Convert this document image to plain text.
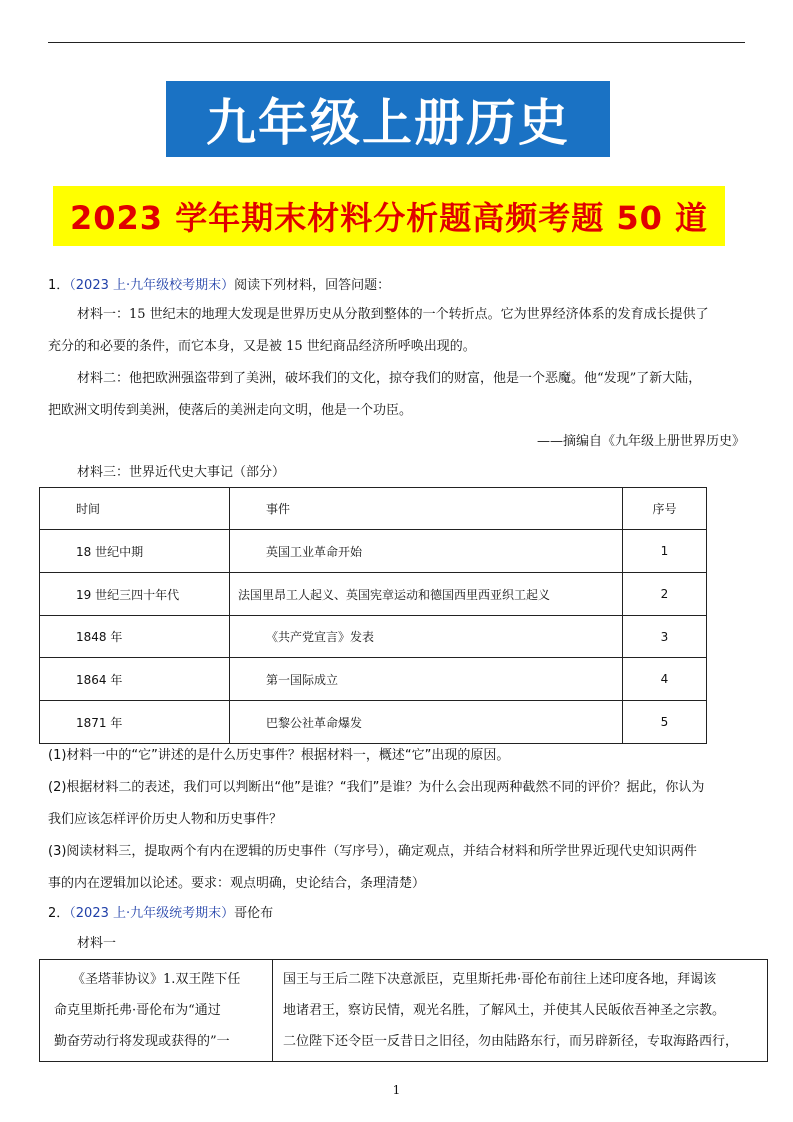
九年级上册历史
2023 学年期末材料分析题高频考题 50 道
1．（2023 上·九年级校考期末）阅读下列材料，回答问题：
材料一：15 世纪末的地理大发现是世界历史从分散到整体的一个转折点。它为世界经济体系的发育成长提供了
充分的和必要的条件，而它本身，又是被 15 世纪商品经济所呼唤出现的。
材料二：他把欧洲强盗带到了美洲，破坏我们的文化，掠夺我们的财富，他是一个恶魔。他“发现”了新大陆，
把欧洲文明传到美洲，使落后的美洲走向文明，他是一个功臣。
——摘编自《九年级上册世界历史》
材料三：世界近代史大事记（部分）
时间	事件	序号
18 世纪中期	英国工业革命开始	1
19 世纪三四十年代	法国里昂工人起义、英国宪章运动和德国西里西亚织工起义	2
1848 年	《共产党宣言》发表	3
1864 年	第一国际成立	4
1871 年	巴黎公社革命爆发	5
(1)材料一中的“它”讲述的是什么历史事件？根据材料一，概述“它”出现的原因。
(2)根据材料二的表述，我们可以判断出“他”是谁？“我们”是谁？为什么会出现两种截然不同的评价？据此，你认为
我们应该怎样评价历史人物和历史事件？
(3)阅读材料三，提取两个有内在逻辑的历史事件（写序号），确定观点，并结合材料和所学世界近现代史知识两件
事的内在逻辑加以论述。要求：观点明确，史论结合，条理清楚）
2．（2023 上·九年级统考期末）哥伦布
材料一
《圣塔菲协议》1.双王陛下任
命克里斯托弗·哥伦布为“通过
勤奋劳动行将发现或获得的”一

国王与王后二陛下决意派臣，克里斯托弗·哥伦布前往上述印度各地，拜谒该
地诸君王，察访民情，观光名胜，了解风土，并使其人民皈依吾神圣之宗教。
二位陛下还令臣一反昔日之旧径，勿由陆路东行，而另辟新径，专取海路西行，
1
